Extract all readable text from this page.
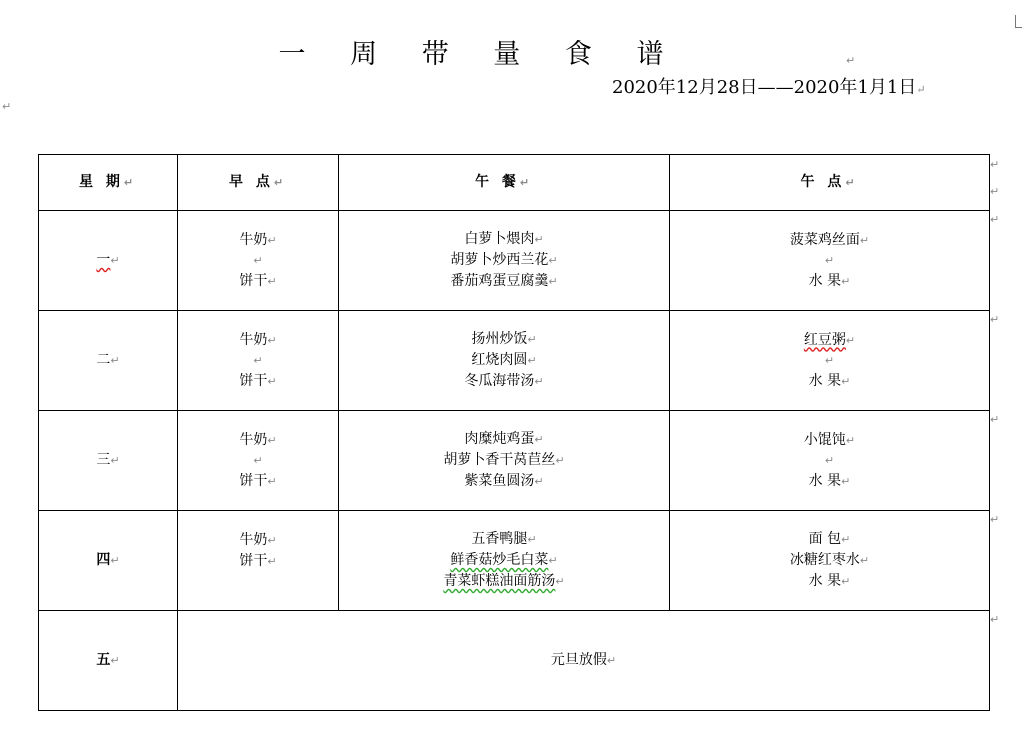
一 周 带 量 食 谱	↵
2020年12月28日——2020年1月1日↵
↵
星 期↵	早 点↵	午 餐↵	午 点↵
一↵	牛奶↵
↵
饼干↵	白萝卜煨肉↵
胡萝卜炒西兰花↵
番茄鸡蛋豆腐羹↵	菠菜鸡丝面↵
↵
水 果↵

二↵	牛奶↵
↵
饼干↵	扬州炒饭↵
红烧肉圆↵
冬瓜海带汤↵	红豆粥↵
↵
水 果↵

三↵	牛奶↵
↵
饼干↵	肉糜炖鸡蛋↵
胡萝卜香干莴苣丝↵
紫菜鱼圆汤↵	小馄饨↵
↵
水 果↵

四↵	牛奶↵
饼干↵	五香鸭腿↵
鲜香菇炒毛白菜↵
青菜虾糕油面筋汤↵	面 包↵
冰糖红枣水↵
水 果↵

五↵	元旦放假↵		
↵
↵
↵
↵
↵
↵
↵
